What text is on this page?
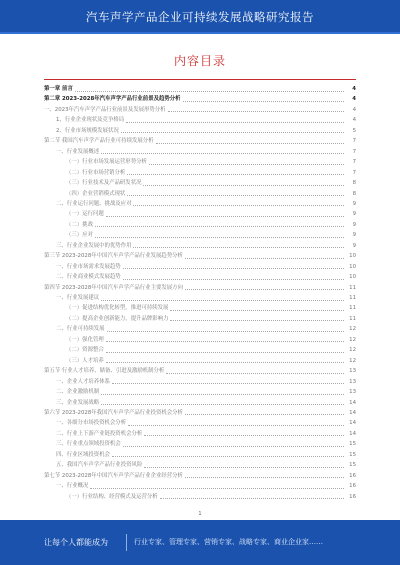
汽车声学产品企业可持续发展战略研究报告
内容目录
第一章 前言	4
第二章 2023-2028年汽车声学产品行业前景及趋势分析	4
一、2023年汽车声学产品行业前景及发展形势分析	4
1、行业企业现状及竞争格局	4
2、行业市场规模发展状况	5
第二节 我国汽车声学产品行业可持续发展分析	7
一、行业发展概述	7
（一）行业市场发展运营形势分析	7
（二）行业市场营销分析	7
（三）行业技术及产品研发状况	8
（四）企业营销模式现状	8
二、行业运行问题、挑战及应对	9
（一）运行问题	9
（二）挑战	9
（三）应对	9
三、行业企业发展中的优势作用	9
第三节 2023-2028年中国汽车声学产品行业发展趋势分析	10
一、行业市场需求发展趋势	10
二、行业商业模式发展趋势	10
第四节 2023-2028年中国汽车声学产品行业主要发展方向	11
一、行业发展建议	11
（一）促进结构优化转型，推进可持续发展	11
（二）提高企业创新能力，提升品牌影响力	11
二、行业可持续发展	12
（一）强化管理	12
（二）资源整合	12
（三）人才培养	12
第五节 行业人才培养、储备、引进及激励机制分析	13
一、企业人才培养体系	13
二、企业激励机制	13
三、企业发展战略	14
第六节 2023-2028年我国汽车声学产品行业投资机会分析	14
一、各细分市场投资机会分析	14
二、行业上下游产业链投资机会分析	14
三、行业重点领域投资机会	15
四、行业区域投资机会	15
五、我国汽车声学产品行业投资风险	15
第七节 2023-2028年中国汽车声学产品行业企业经营分析	16
一、行业概况	16
（一）行业结构、经营模式及运营分析	16
1
让每个人都能成为	行业专家、管理专家、营销专家、战略专家、商业企业家……
